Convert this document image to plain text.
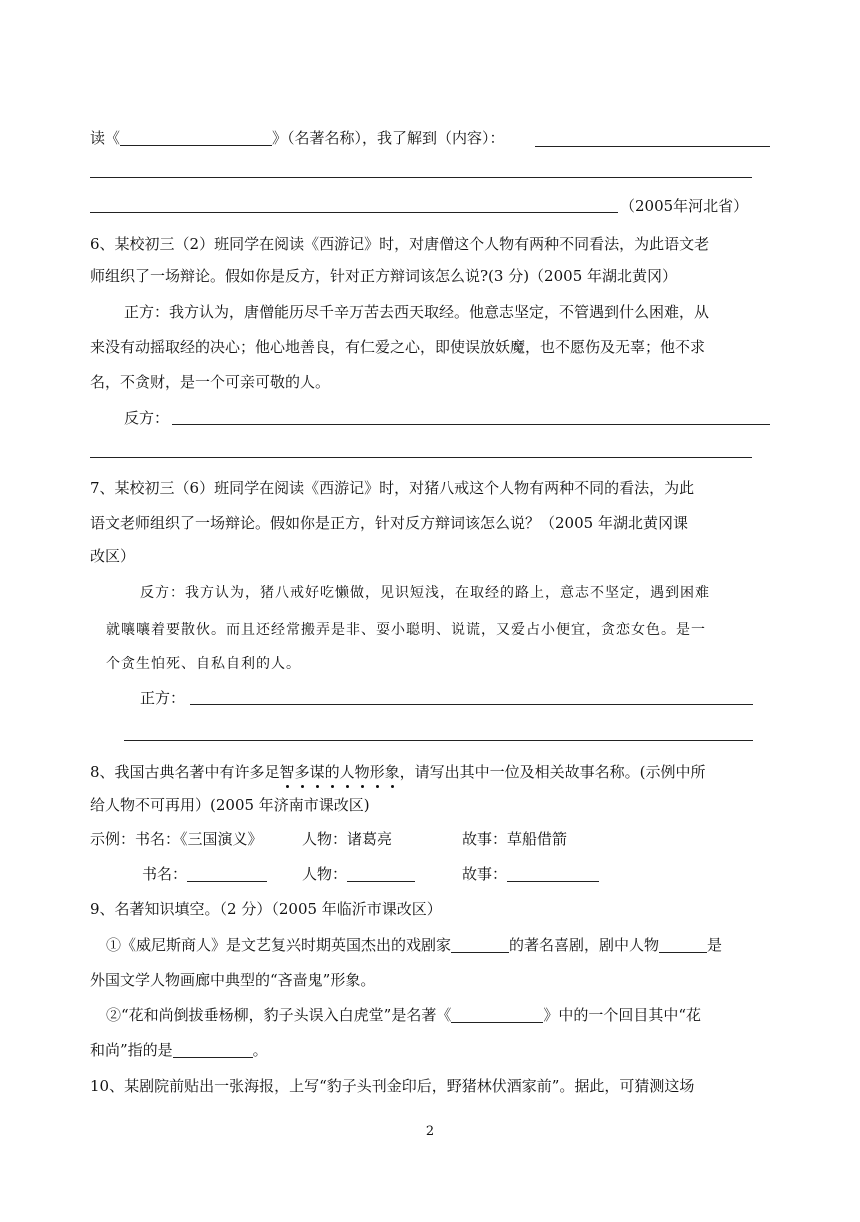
读《	》（名著名称），我了解到（内容）：
（2005年河北省）
6、某校初三（2）班同学在阅读《西游记》时，对唐僧这个人物有两种不同看法，为此语文老
师组织了一场辩论。假如你是反方，针对正方辩词该怎么说?(3 分)（2005 年湖北黄冈）
正方：我方认为，唐僧能历尽千辛万苦去西天取经。他意志坚定，不管遇到什么困难，从
来没有动摇取经的决心；他心地善良，有仁爱之心，即使误放妖魔，也不愿伤及无辜；他不求
名，不贪财，是一个可亲可敬的人。
反方：
7、某校初三（6）班同学在阅读《西游记》时，对猪八戒这个人物有两种不同的看法，为此
语文老师组织了一场辩论。假如你是正方，针对反方辩词该怎么说？（2005 年湖北黄冈课
改区）
反方：我方认为，猪八戒好吃懒做，见识短浅，在取经的路上，意志不坚定，遇到困难
就嚷嚷着要散伙。而且还经常搬弄是非、耍小聪明、说谎，又爱占小便宜，贪恋女色。是一
个贪生怕死、自私自利的人。
正方：
8、我国古典名著中有许多足智多谋的人物形象，请写出其中一位及相关故事名称。(示例中所
给人物不可再用）(2005 年济南市课改区)
示例：书名：《三国演义》	人物：诸葛亮	故事：草船借箭
书名：	人物：	故事：
9、名著知识填空。（2 分）（2005 年临沂市课改区）
①《威尼斯商人》是文艺复兴时期英国杰出的戏剧家	的著名喜剧，剧中人物	是
外国文学人物画廊中典型的“吝啬鬼”形象。
②“花和尚倒拔垂杨柳，豹子头误入白虎堂”是名著《	》中的一个回目其中“花
和尚”指的是	。
10、某剧院前贴出一张海报，上写“豹子头刊金印后，野猪林伏酒家前”。据此，可猜测这场
2
